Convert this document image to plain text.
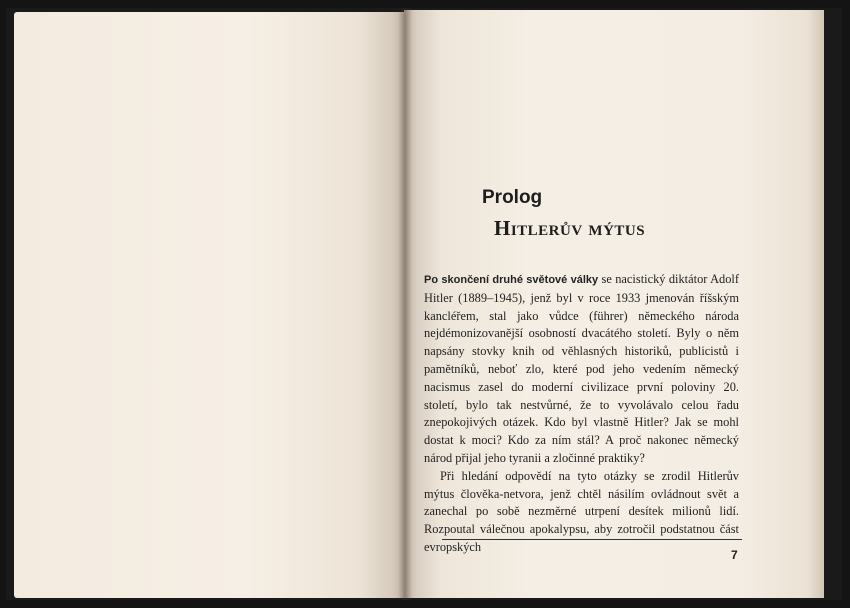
Prolog
Hitlerův mýtus

Po skončení druhé světové války se nacistický diktátor Adolf Hitler (1889–1945), jenž byl v roce 1933 jmenován říšským kancléřem, stal jako vůdce (führer) německého národa nejdémonizovanější osobností dvacátého století. Byly o něm napsány stovky knih od věhlasných historiků, publicistů i pamětníků, neboť zlo, které pod jeho vedením německý nacismus zasel do moderní civilizace první poloviny 20. století, bylo tak nestvůrné, že to vyvolávalo celou řadu znepokojivých otázek. Kdo byl vlastně Hitler? Jak se mohl dostat k moci? Kdo za ním stál? A proč nakonec německý národ přijal jeho tyranii a zločinné praktiky?

Při hledání odpovědí na tyto otázky se zrodil Hitlerův mýtus člověka-netvora, jenž chtěl násilím ovládnout svět a zanechal po sobě nezměrné utrpení desítek milionů lidí. Rozpoutal válečnou apokalypsu, aby zotročil podstatnou část evropských

7
